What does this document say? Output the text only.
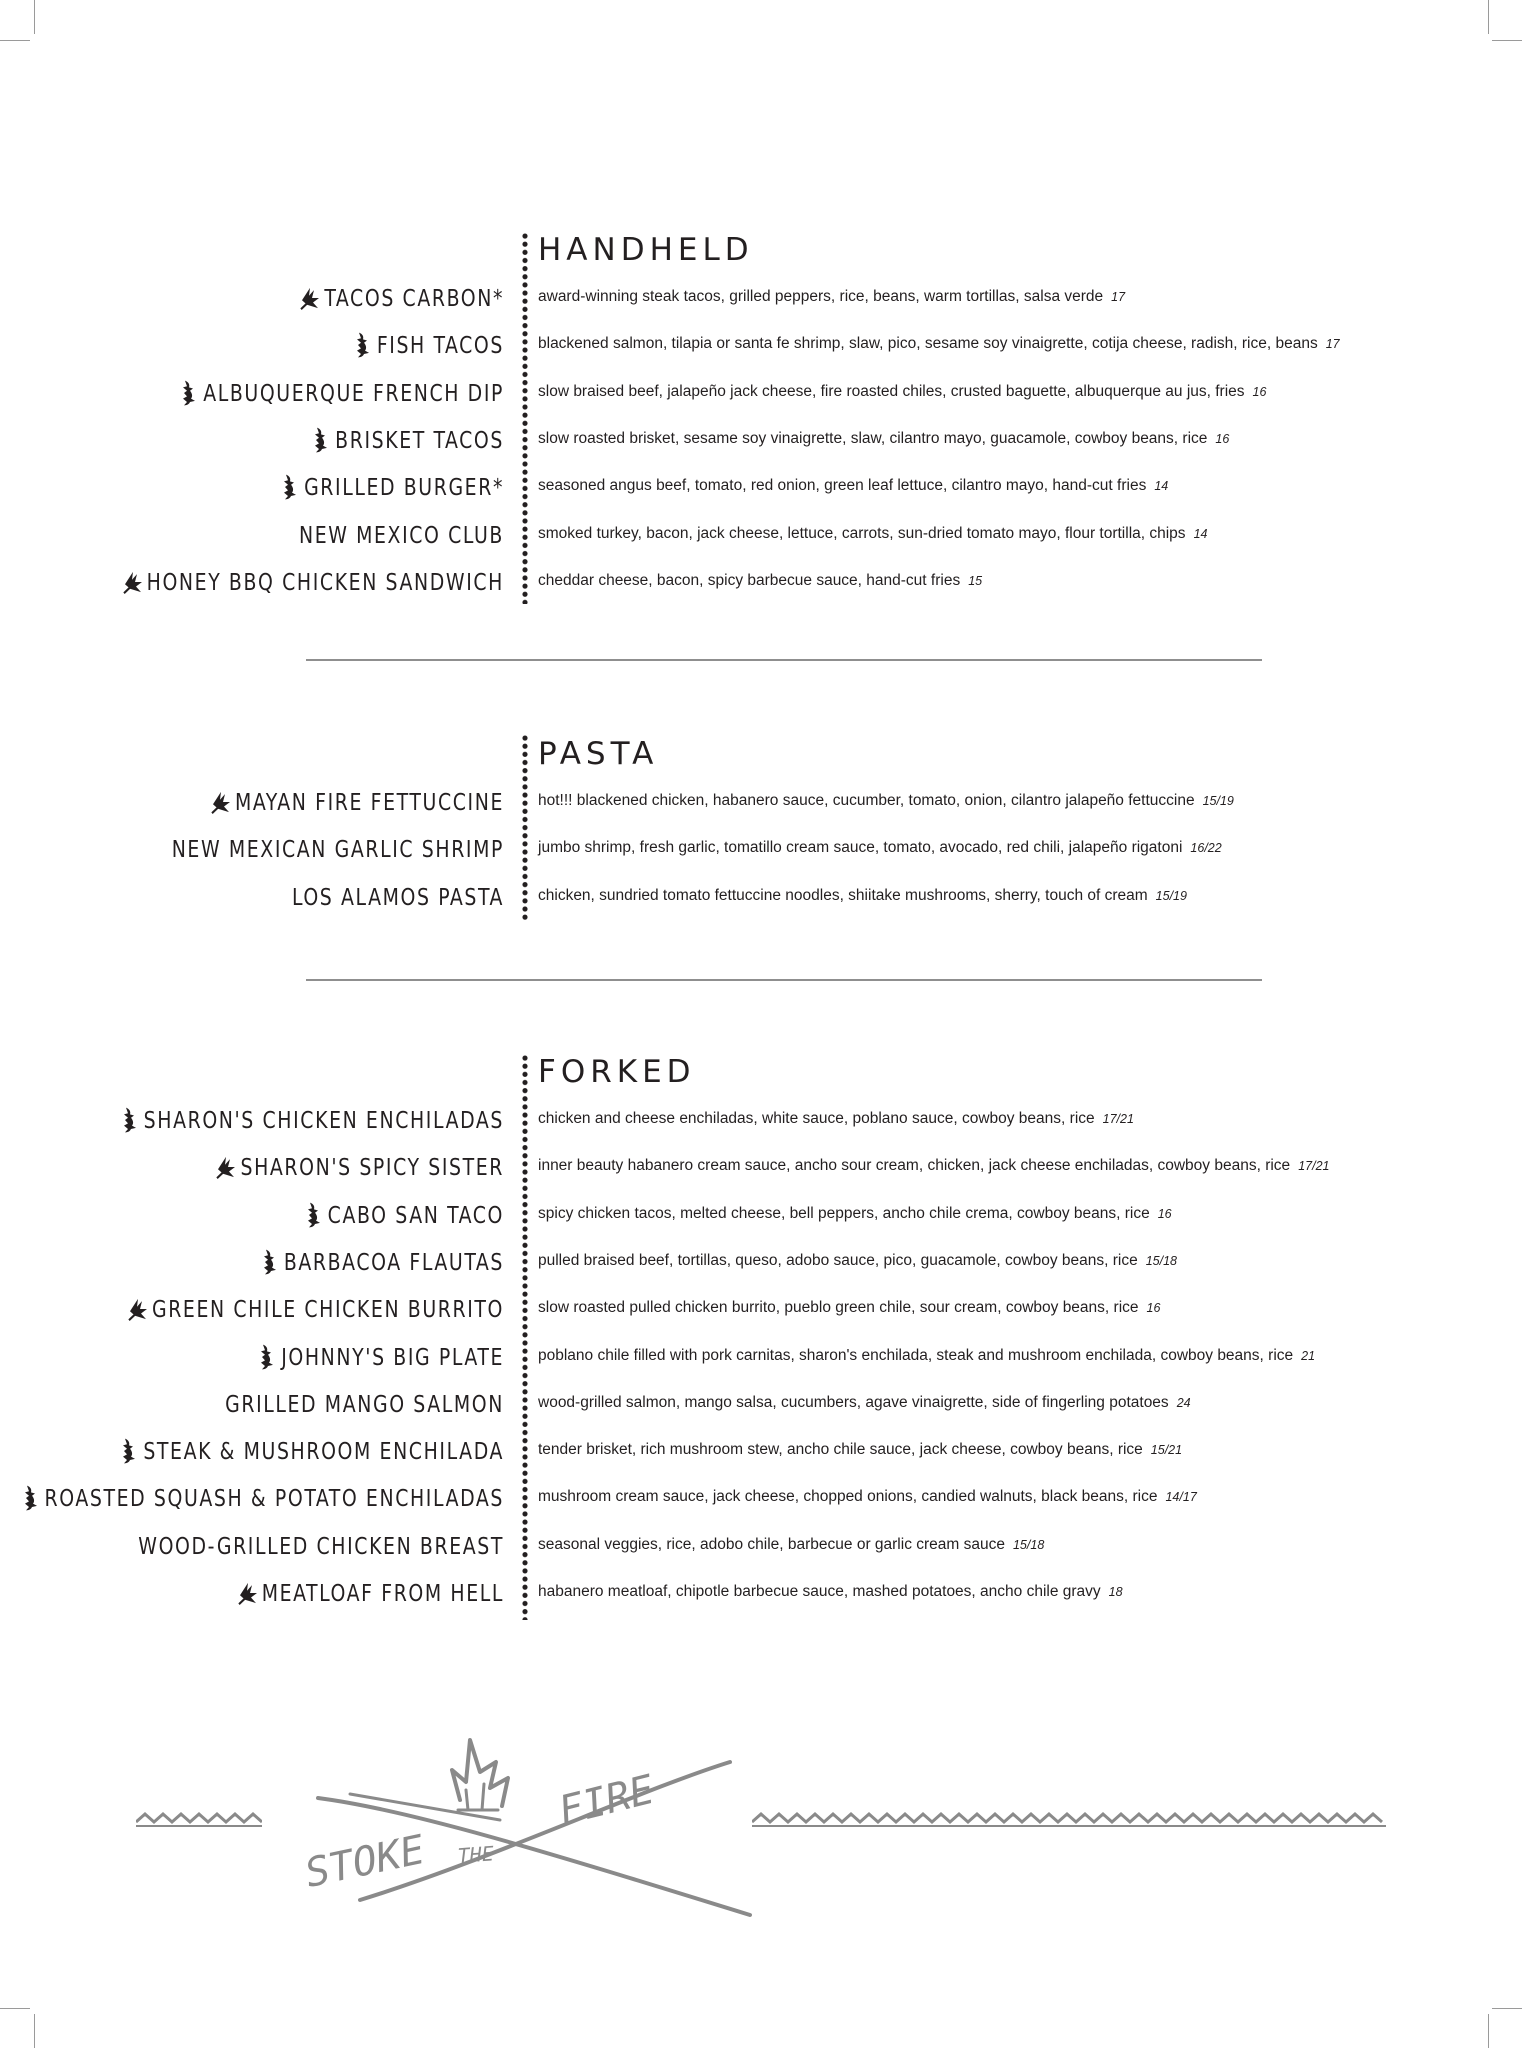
HANDHELD
TACOS CARBON* award-winning steak tacos, grilled peppers, rice, beans, warm tortillas, salsa verde 17
FISH TACOS blackened salmon, tilapia or santa fe shrimp, slaw, pico, sesame soy vinaigrette, cotija cheese, radish, rice, beans 17
ALBUQUERQUE FRENCH DIP slow braised beef, jalapeño jack cheese, fire roasted chiles, crusted baguette, albuquerque au jus, fries 16
BRISKET TACOS slow roasted brisket, sesame soy vinaigrette, slaw, cilantro mayo, guacamole, cowboy beans, rice 16
GRILLED BURGER* seasoned angus beef, tomato, red onion, green leaf lettuce, cilantro mayo, hand-cut fries 14
NEW MEXICO CLUB smoked turkey, bacon, jack cheese, lettuce, carrots, sun-dried tomato mayo, flour tortilla, chips 14
HONEY BBQ CHICKEN SANDWICH cheddar cheese, bacon, spicy barbecue sauce, hand-cut fries 15
PASTA
MAYAN FIRE FETTUCCINE hot!!! blackened chicken, habanero sauce, cucumber, tomato, onion, cilantro jalapeño fettuccine 15/19
NEW MEXICAN GARLIC SHRIMP jumbo shrimp, fresh garlic, tomatillo cream sauce, tomato, avocado, red chili, jalapeño rigatoni 16/22
LOS ALAMOS PASTA chicken, sundried tomato fettuccine noodles, shiitake mushrooms, sherry, touch of cream 15/19
FORKED
SHARON'S CHICKEN ENCHILADAS chicken and cheese enchiladas, white sauce, poblano sauce, cowboy beans, rice 17/21
SHARON'S SPICY SISTER inner beauty habanero cream sauce, ancho sour cream, chicken, jack cheese enchiladas, cowboy beans, rice 17/21
CABO SAN TACO spicy chicken tacos, melted cheese, bell peppers, ancho chile crema, cowboy beans, rice 16
BARBACOA FLAUTAS pulled braised beef, tortillas, queso, adobo sauce, pico, guacamole, cowboy beans, rice 15/18
GREEN CHILE CHICKEN BURRITO slow roasted pulled chicken burrito, pueblo green chile, sour cream, cowboy beans, rice 16
JOHNNY'S BIG PLATE poblano chile filled with pork carnitas, sharon's enchilada, steak and mushroom enchilada, cowboy beans, rice 21
GRILLED MANGO SALMON wood-grilled salmon, mango salsa, cucumbers, agave vinaigrette, side of fingerling potatoes 24
STEAK & MUSHROOM ENCHILADA tender brisket, rich mushroom stew, ancho chile sauce, jack cheese, cowboy beans, rice 15/21
ROASTED SQUASH & POTATO ENCHILADAS mushroom cream sauce, jack cheese, chopped onions, candied walnuts, black beans, rice 14/17
WOOD-GRILLED CHICKEN BREAST seasonal veggies, rice, adobo chile, barbecue or garlic cream sauce 15/18
MEATLOAF FROM HELL habanero meatloaf, chipotle barbecue sauce, mashed potatoes, ancho chile gravy 18
STOKE THE
FIRE
